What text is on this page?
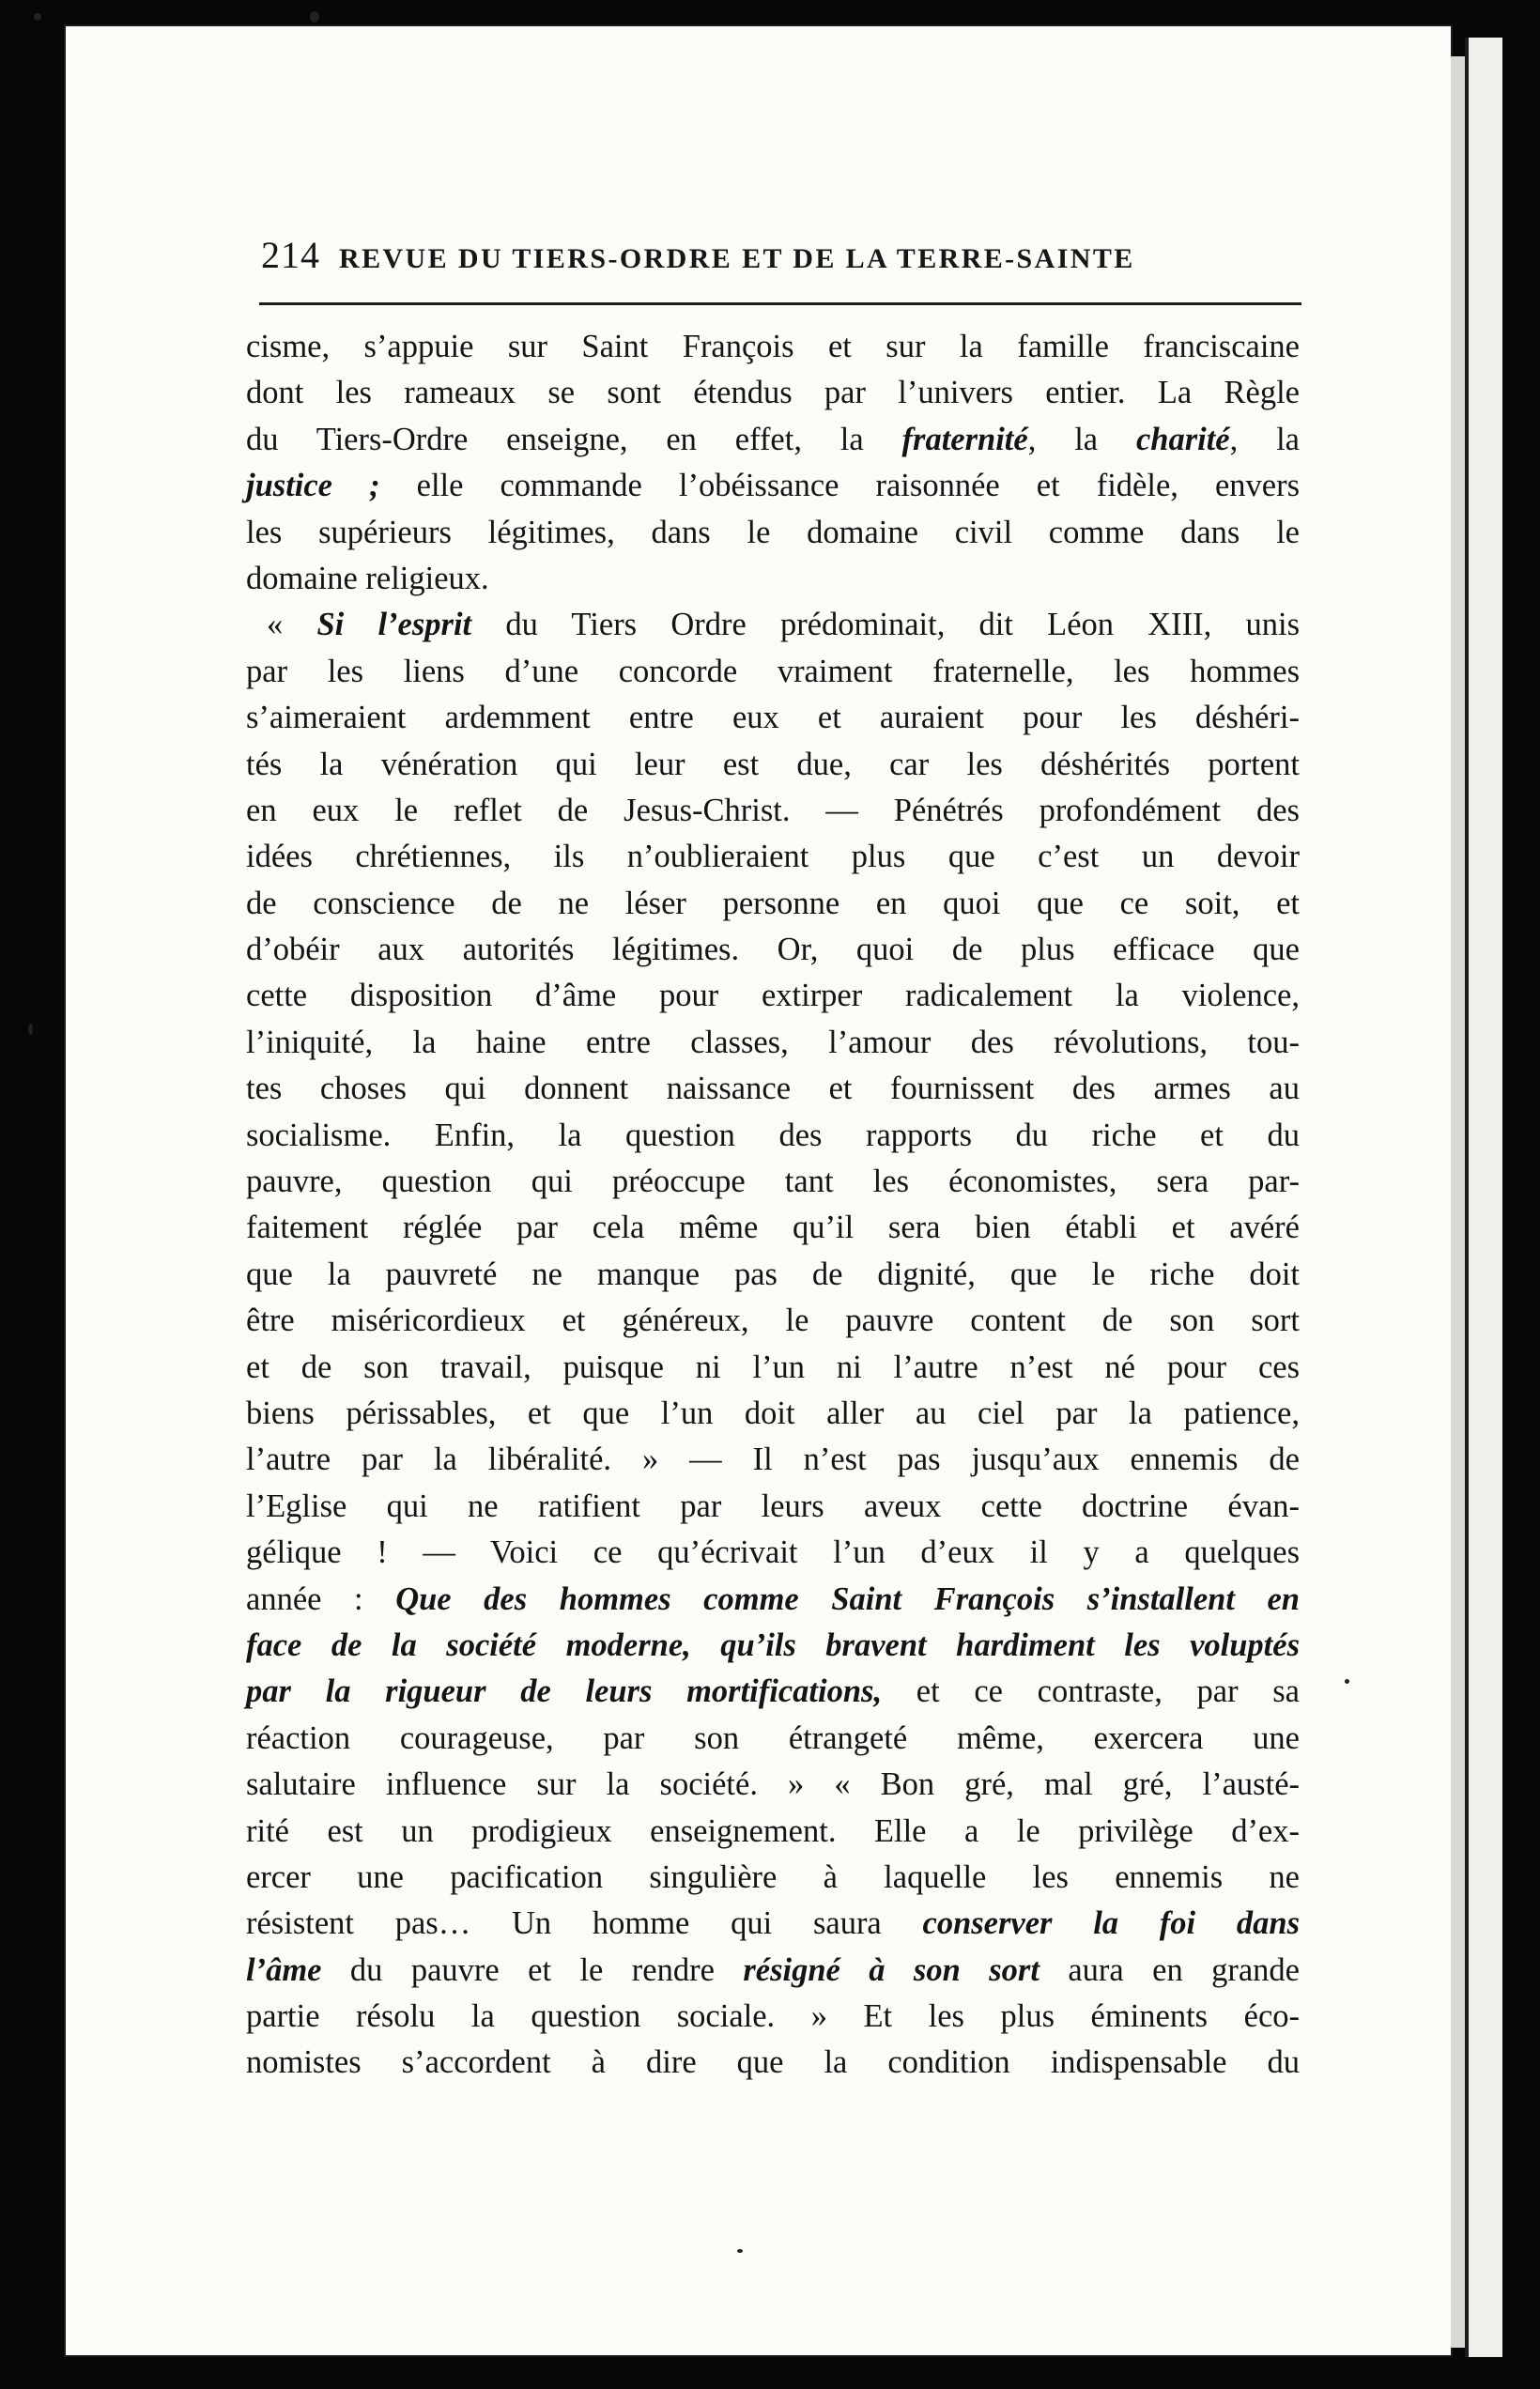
214 REVUE DU TIERS-ORDRE ET DE LA TERRE-SAINTE
cisme, s’appuie sur Saint François et sur la famille franciscaine
dont les rameaux se sont étendus par l’univers entier. La Règle
du Tiers-Ordre enseigne, en effet, la fraternité, la charité, la
justice ; elle commande l’obéissance raisonnée et fidèle, envers
les supérieurs légitimes, dans le domaine civil comme dans le
domaine religieux.
« Si l’esprit du Tiers Ordre prédominait, dit Léon XIII, unis
par les liens d’une concorde vraiment fraternelle, les hommes
s’aimeraient ardemment entre eux et auraient pour les déshéri-
tés la vénération qui leur est due, car les déshérités portent
en eux le reflet de Jesus-Christ. — Pénétrés profondément des
idées chrétiennes, ils n’oublieraient plus que c’est un devoir
de conscience de ne léser personne en quoi que ce soit, et
d’obéir aux autorités légitimes. Or, quoi de plus efficace que
cette disposition d’âme pour extirper radicalement la violence,
l’iniquité, la haine entre classes, l’amour des révolutions, tou-
tes choses qui donnent naissance et fournissent des armes au
socialisme. Enfin, la question des rapports du riche et du
pauvre, question qui préoccupe tant les économistes, sera par-
faitement réglée par cela même qu’il sera bien établi et avéré
que la pauvreté ne manque pas de dignité, que le riche doit
être miséricordieux et généreux, le pauvre content de son sort
et de son travail, puisque ni l’un ni l’autre n’est né pour ces
biens périssables, et que l’un doit aller au ciel par la patience,
l’autre par la libéralité. » — Il n’est pas jusqu’aux ennemis de
l’Eglise qui ne ratifient par leurs aveux cette doctrine évan-
gélique ! — Voici ce qu’écrivait l’un d’eux il y a quelques
année : Que des hommes comme Saint François s’installent en
face de la société moderne, qu’ils bravent hardiment les voluptés
par la rigueur de leurs mortifications, et ce contraste, par sa
réaction courageuse, par son étrangeté même, exercera une
salutaire influence sur la société. » « Bon gré, mal gré, l’austé-
rité est un prodigieux enseignement. Elle a le privilège d’ex-
ercer une pacification singulière à laquelle les ennemis ne
résistent pas… Un homme qui saura conserver la foi dans
l’âme du pauvre et le rendre résigné à son sort aura en grande
partie résolu la question sociale. » Et les plus éminents éco-
nomistes s’accordent à dire que la condition indispensable du
